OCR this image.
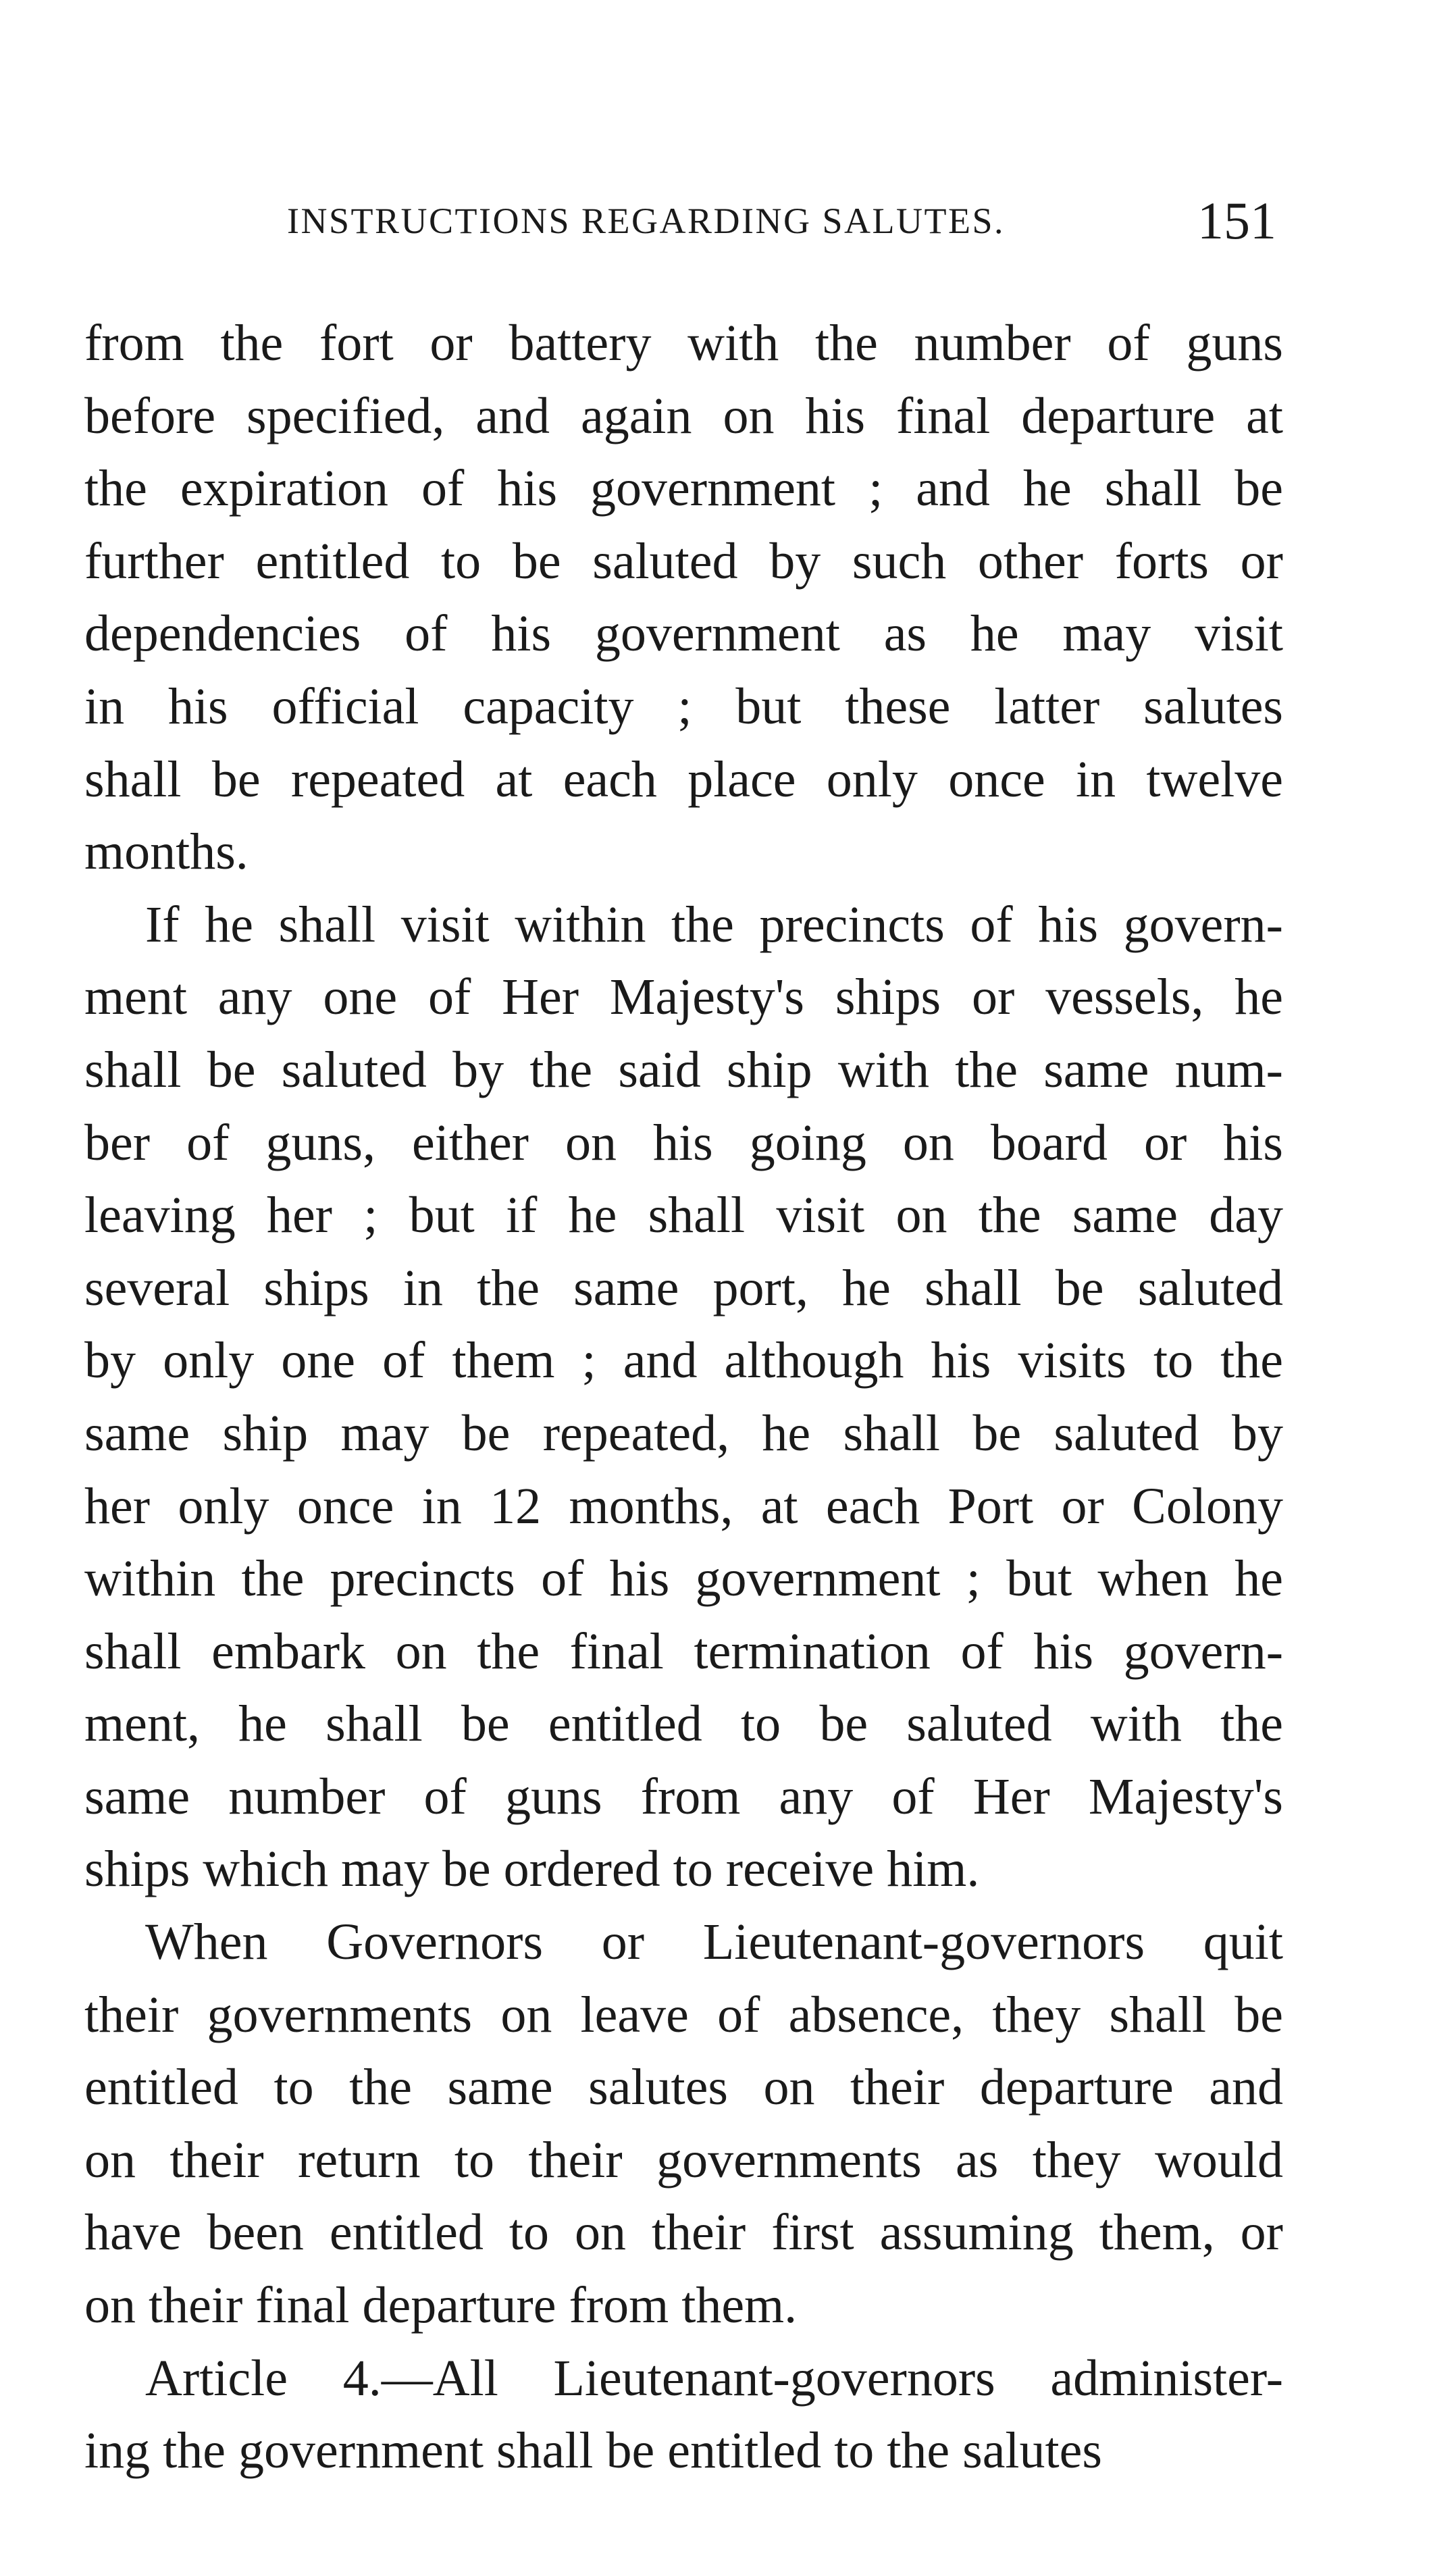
INSTRUCTIONS REGARDING SALUTES.	151
from the fort or battery with the number of guns
before specified, and again on his final departure at
the expiration of his government ; and he shall be
further entitled to be saluted by such other forts or
dependencies of his government as he may visit
in his official capacity ; but these latter salutes
shall be repeated at each place only once in twelve
months.
If he shall visit within the precincts of his govern-
ment any one of Her Majesty's ships or vessels, he
shall be saluted by the said ship with the same num-
ber of guns, either on his going on board or his
leaving her ; but if he shall visit on the same day
several ships in the same port, he shall be saluted
by only one of them ; and although his visits to the
same ship may be repeated, he shall be saluted by
her only once in 12 months, at each Port or Colony
within the precincts of his government ; but when he
shall embark on the final termination of his govern-
ment, he shall be entitled to be saluted with the
same number of guns from any of Her Majesty's
ships which may be ordered to receive him.
When Governors or Lieutenant-governors quit
their governments on leave of absence, they shall be
entitled to the same salutes on their departure and
on their return to their governments as they would
have been entitled to on their first assuming them, or
on their final departure from them.
Article 4.—All Lieutenant-governors administer-
ing the government shall be entitled to the salutes
